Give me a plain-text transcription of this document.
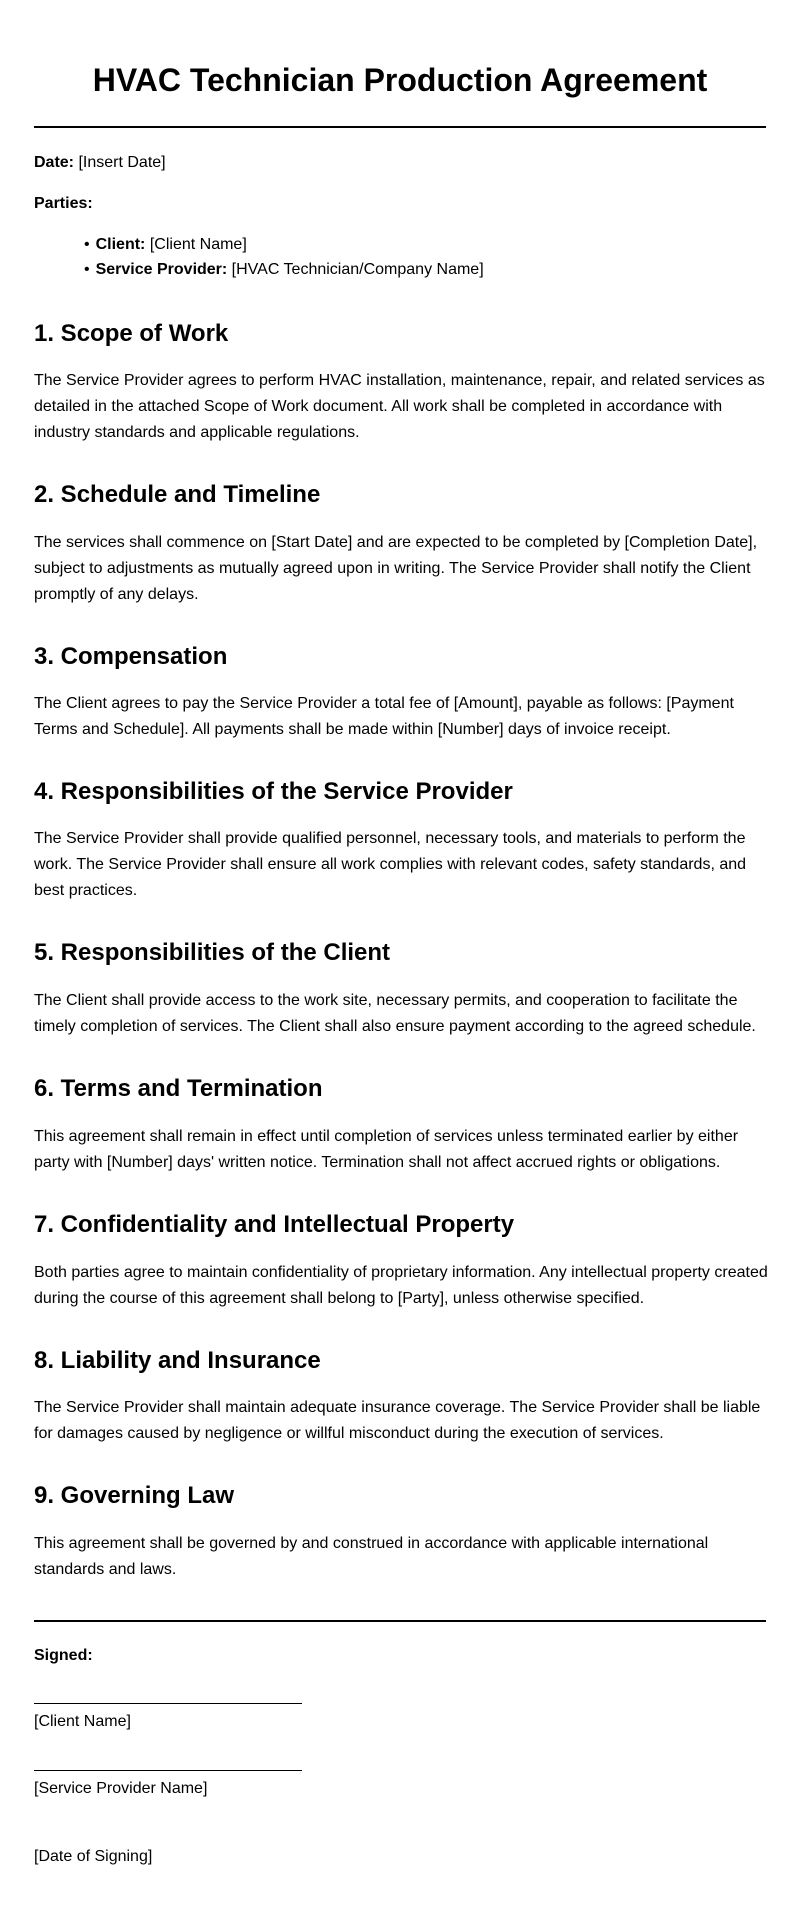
HVAC Technician Production Agreement

Date: [Insert Date]

Parties:

• Client: [Client Name]
• Service Provider: [HVAC Technician/Company Name]
1. Scope of Work

The Service Provider agrees to perform HVAC installation, maintenance, repair, and related services as detailed in the attached Scope of Work document. All work shall be completed in accordance with industry standards and applicable regulations.

2. Schedule and Timeline

The services shall commence on [Start Date] and are expected to be completed by [Completion Date], subject to adjustments as mutually agreed upon in writing. The Service Provider shall notify the Client promptly of any delays.

3. Compensation

The Client agrees to pay the Service Provider a total fee of [Amount], payable as follows: [Payment Terms and Schedule]. All payments shall be made within [Number] days of invoice receipt.

4. Responsibilities of the Service Provider

The Service Provider shall provide qualified personnel, necessary tools, and materials to perform the work. The Service Provider shall ensure all work complies with relevant codes, safety standards, and best practices.

5. Responsibilities of the Client

The Client shall provide access to the work site, necessary permits, and cooperation to facilitate the timely completion of services. The Client shall also ensure payment according to the agreed schedule.

6. Terms and Termination

This agreement shall remain in effect until completion of services unless terminated earlier by either party with [Number] days' written notice. Termination shall not affect accrued rights or obligations.

7. Confidentiality and Intellectual Property

Both parties agree to maintain confidentiality of proprietary information. Any intellectual property created during the course of this agreement shall belong to [Party], unless otherwise specified.

8. Liability and Insurance

The Service Provider shall maintain adequate insurance coverage. The Service Provider shall be liable for damages caused by negligence or willful misconduct during the execution of services.

9. Governing Law

This agreement shall be governed by and construed in accordance with applicable international standards and laws.

Signed:

[Client Name]

[Service Provider Name]

[Date of Signing]
